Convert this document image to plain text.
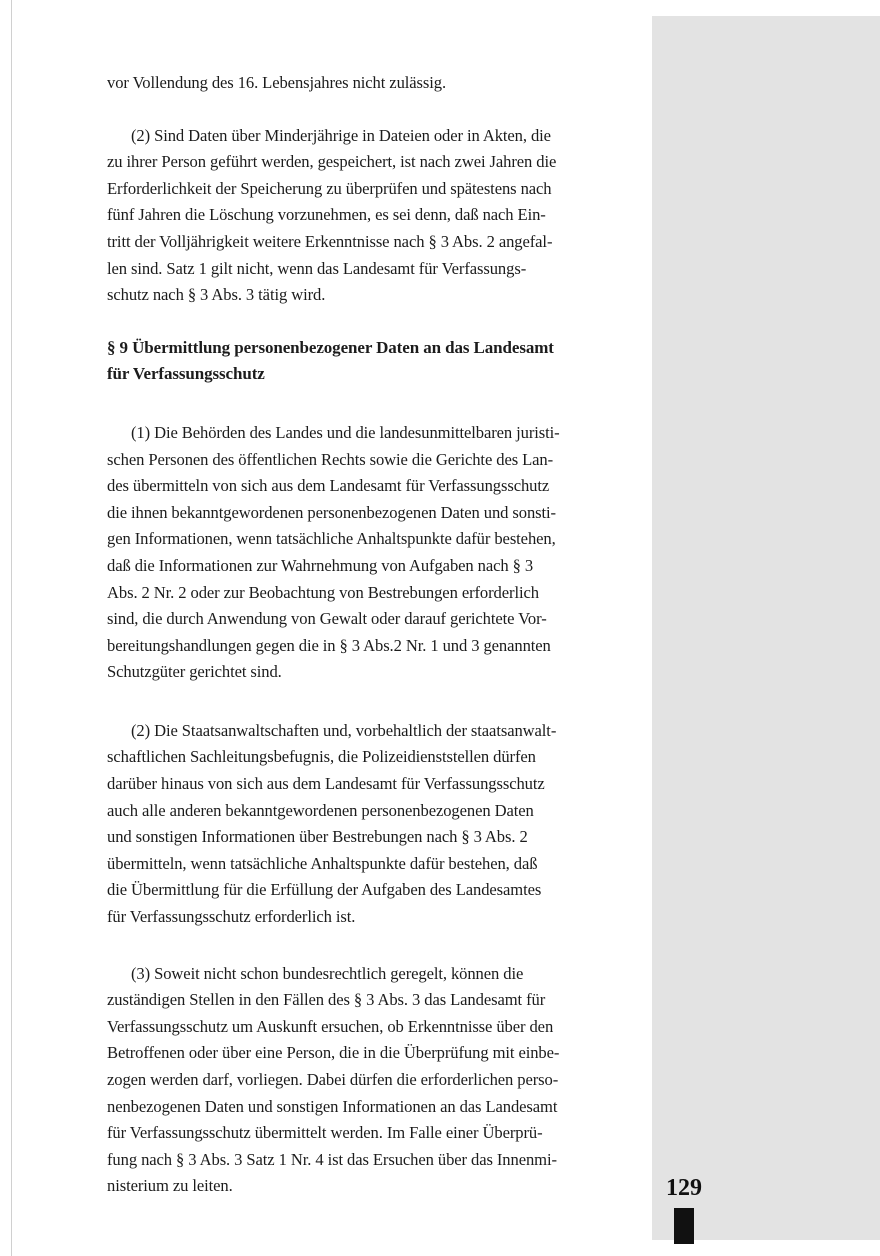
vor Vollendung des 16. Lebensjahres nicht zulässig.
(2) Sind Daten über Minderjährige in Dateien oder in Akten, die
zu ihrer Person geführt werden, gespeichert, ist nach zwei Jahren die
Erforderlichkeit der Speicherung zu überprüfen und spätestens nach
fünf Jahren die Löschung vorzunehmen, es sei denn, daß nach Ein-
tritt der Volljährigkeit weitere Erkenntnisse nach § 3 Abs. 2 angefal-
len sind. Satz 1 gilt nicht, wenn das Landesamt für Verfassungs-
schutz nach § 3 Abs. 3 tätig wird.
§ 9 Übermittlung personenbezogener Daten an das Landesamt
für Verfassungsschutz
(1) Die Behörden des Landes und die landesunmittelbaren juristi-
schen Personen des öffentlichen Rechts sowie die Gerichte des Lan-
des übermitteln von sich aus dem Landesamt für Verfassungsschutz
die ihnen bekanntgewordenen personenbezogenen Daten und sonsti-
gen Informationen, wenn tatsächliche Anhaltspunkte dafür bestehen,
daß die Informationen zur Wahrnehmung von Aufgaben nach § 3
Abs. 2 Nr. 2 oder zur Beobachtung von Bestrebungen erforderlich
sind, die durch Anwendung von Gewalt oder darauf gerichtete Vor-
bereitungshandlungen gegen die in § 3 Abs.2 Nr. 1 und 3 genannten
Schutzgüter gerichtet sind.
(2) Die Staatsanwaltschaften und, vorbehaltlich der staatsanwalt-
schaftlichen Sachleitungsbefugnis, die Polizeidienststellen dürfen
darüber hinaus von sich aus dem Landesamt für Verfassungsschutz
auch alle anderen bekanntgewordenen personenbezogenen Daten
und sonstigen Informationen über Bestrebungen nach § 3 Abs. 2
übermitteln, wenn tatsächliche Anhaltspunkte dafür bestehen, daß
die Übermittlung für die Erfüllung der Aufgaben des Landesamtes
für Verfassungsschutz erforderlich ist.
(3) Soweit nicht schon bundesrechtlich geregelt, können die
zuständigen Stellen in den Fällen des § 3 Abs. 3 das Landesamt für
Verfassungsschutz um Auskunft ersuchen, ob Erkenntnisse über den
Betroffenen oder über eine Person, die in die Überprüfung mit einbe-
zogen werden darf, vorliegen. Dabei dürfen die erforderlichen perso-
nenbezogenen Daten und sonstigen Informationen an das Landesamt
für Verfassungsschutz übermittelt werden. Im Falle einer Überprü-
fung nach § 3 Abs. 3 Satz 1 Nr. 4 ist das Ersuchen über das Innenmi-
nisterium zu leiten.	129
